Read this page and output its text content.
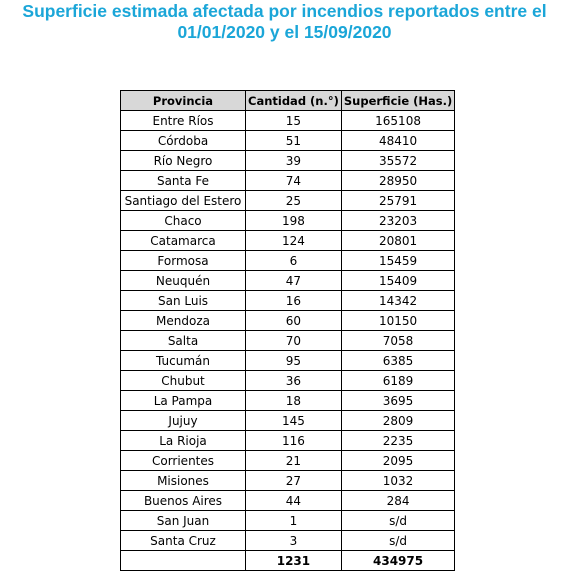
Superficie estimada afectada por incendios reportados entre el
01/01/2020 y el 15/09/2020
Provincia	Cantidad (n.°)	Superficie (Has.)
Entre Ríos	15	165108
Córdoba	51	48410
Río Negro	39	35572
Santa Fe	74	28950
Santiago del Estero	25	25791
Chaco	198	23203
Catamarca	124	20801
Formosa	6	15459
Neuquén	47	15409
San Luis	16	14342
Mendoza	60	10150
Salta	70	7058
Tucumán	95	6385
Chubut	36	6189
La Pampa	18	3695
Jujuy	145	2809
La Rioja	116	2235
Corrientes	21	2095
Misiones	27	1032
Buenos Aires	44	284
San Juan	1	s/d
Santa Cruz	3	s/d
	1231	434975
